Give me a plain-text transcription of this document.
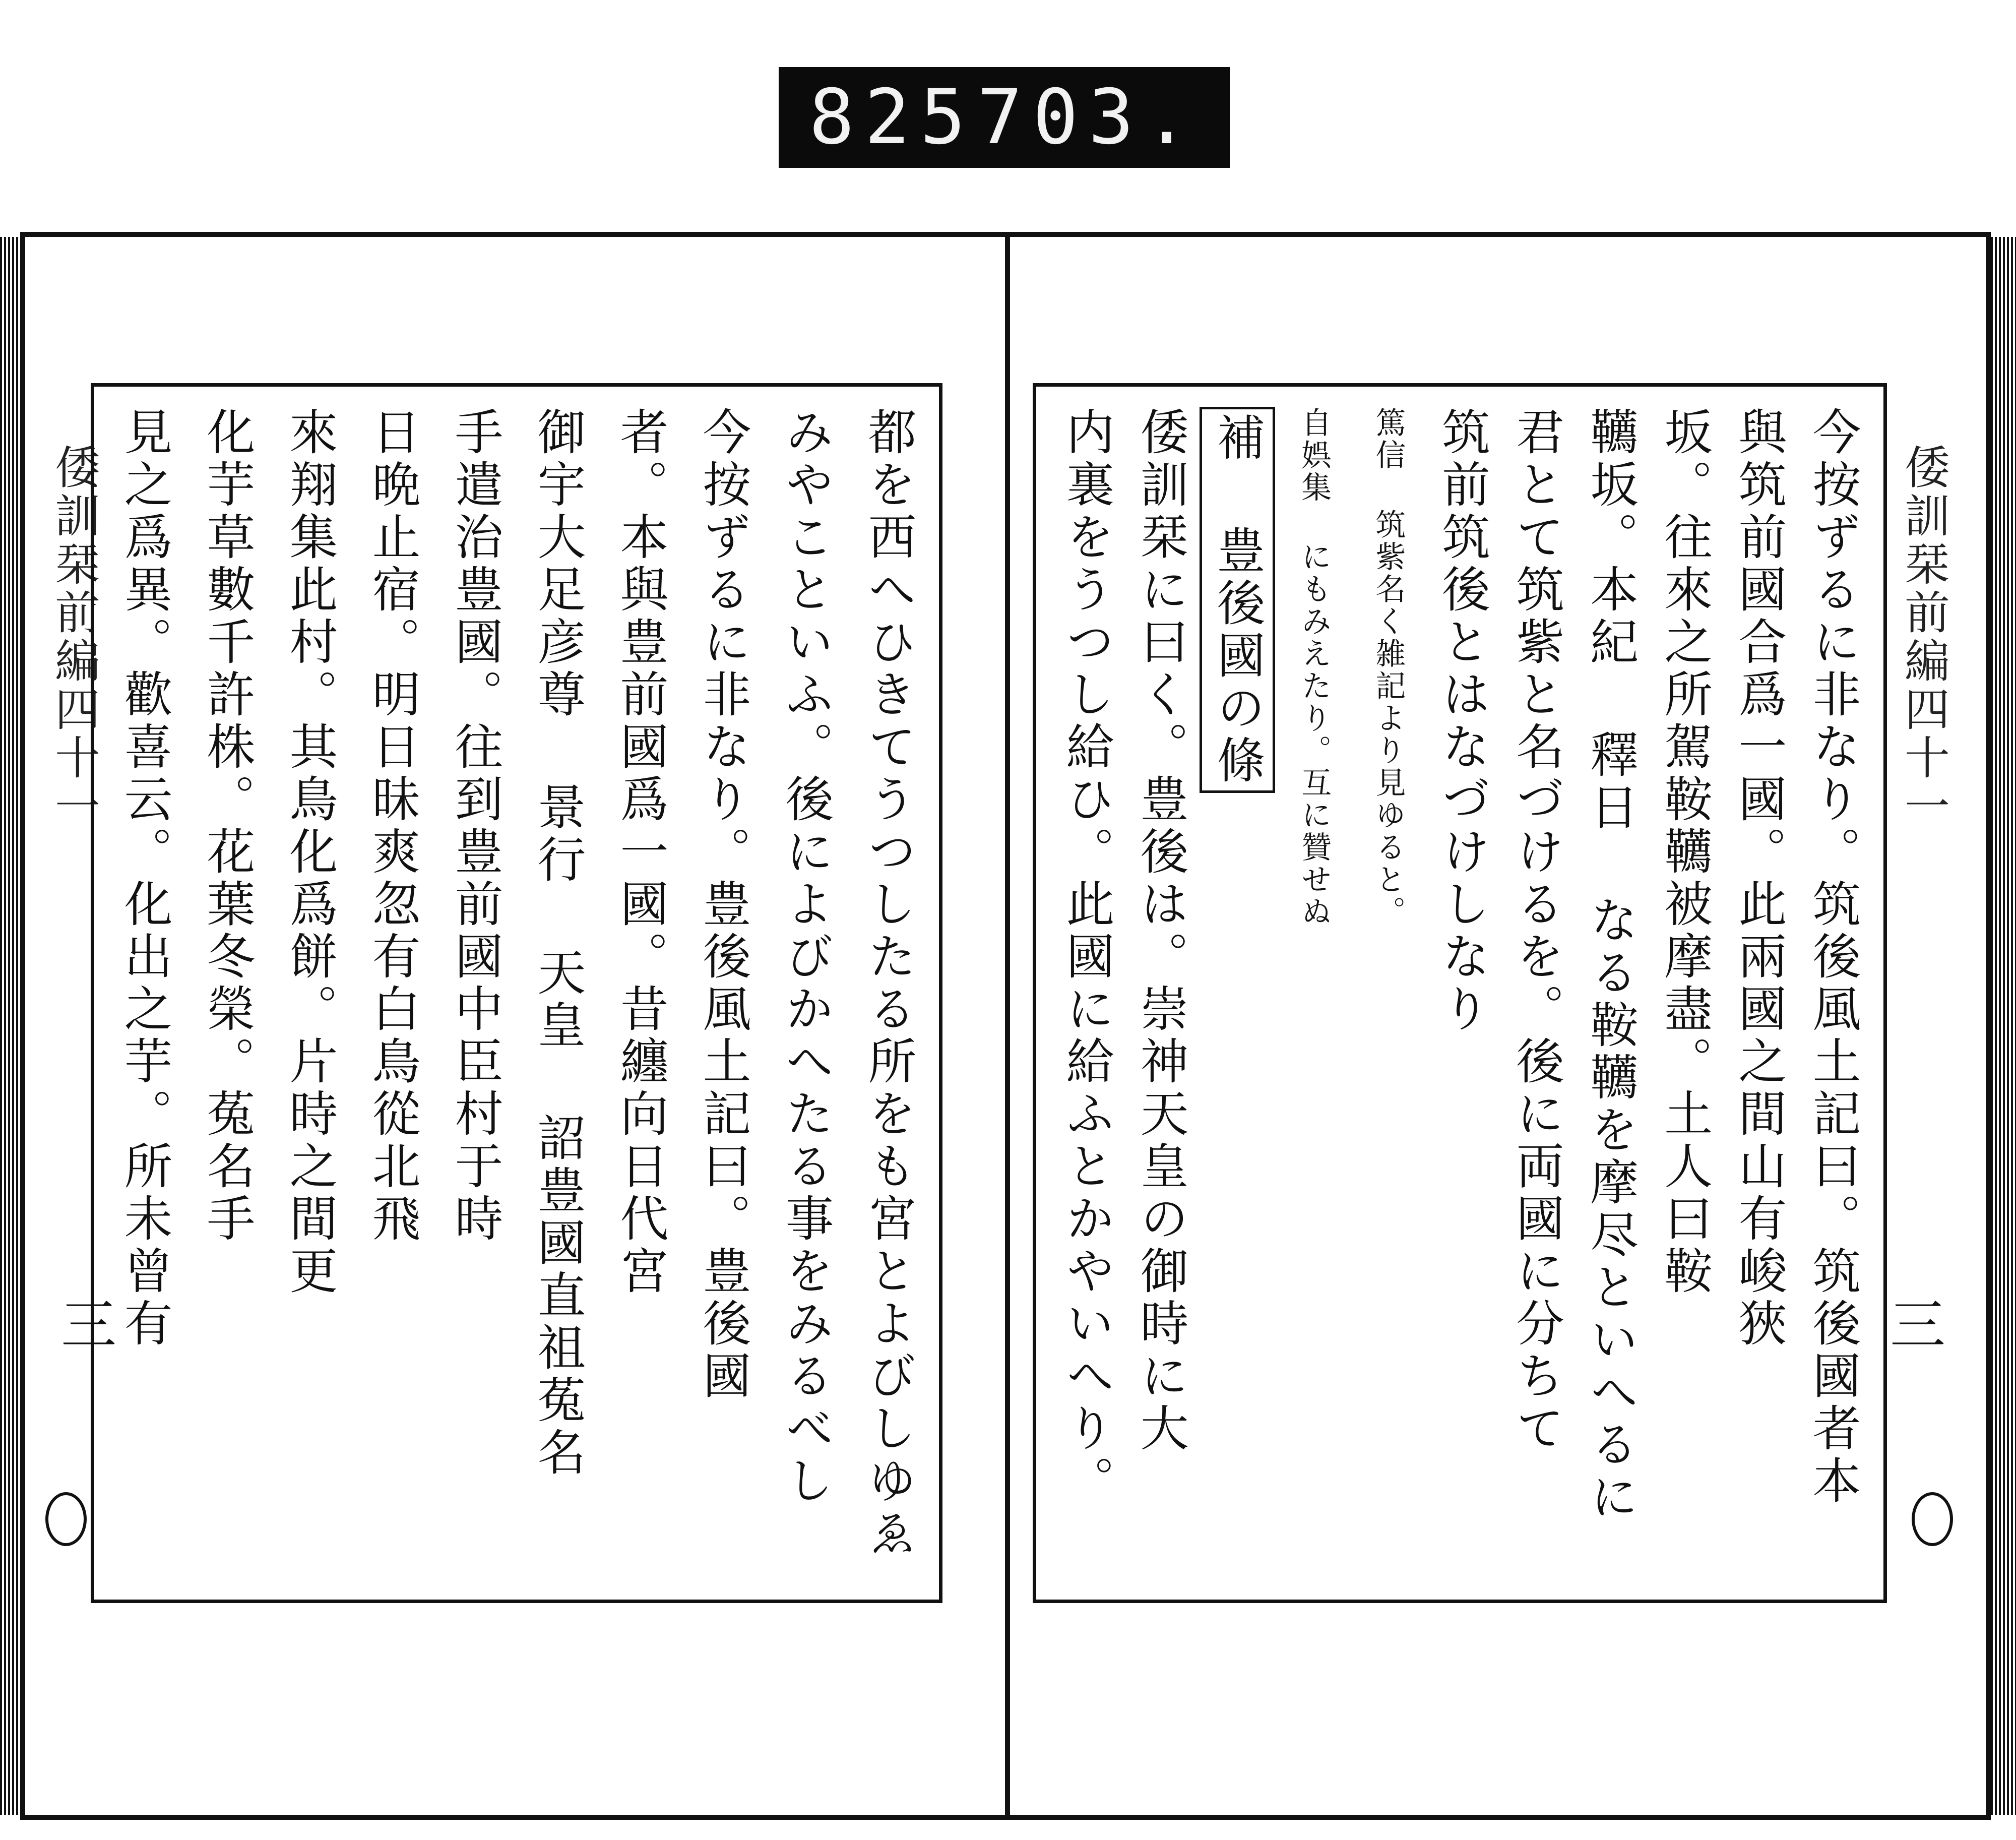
825 703.
倭訓栞前編四十一
三	都を西へひきてうつしたる所をも宮とよびしゆゑ
みやこといふ。後によびかへたる事をみるべし
今按ずるに非なり。豊後風土記曰。豊後國
者。本與豊前國爲一國。昔纏向日代宮
御宇大足彦尊 景行 天皇 詔豊國直祖菟名
手遣治豊國。往到豊前國中臣村于時
日晩止宿。明日昧爽忽有白鳥從北飛
來翔集此村。其鳥化爲餅。片時之間更
化芋草數千許株。花葉冬榮。菟名手
見之爲異。歡喜云。化出之芋。所未曾有	倭訓栞前編四十一
三
今按ずるに非なり。筑後風土記曰。筑後國者本
與筑前國合爲一國。此兩國之間山有峻狹
坂。往來之所駕鞍韉被摩盡。土人曰鞍
韉坂。本紀 釋日 なる鞍韉を摩尽といへるに
君とて筑紫と名づけるを。後に両國に分ちて
筑前筑後とはなづけしなり
篤信 筑紫名く雑記より見ゆると。
自娯集 にもみえたり。互に贊せぬ
補 豊後國の條
倭訓栞に曰く。豊後は。崇神天皇の御時に大
内裏をうつし給ひ。此國に給ふとかやいへり。
